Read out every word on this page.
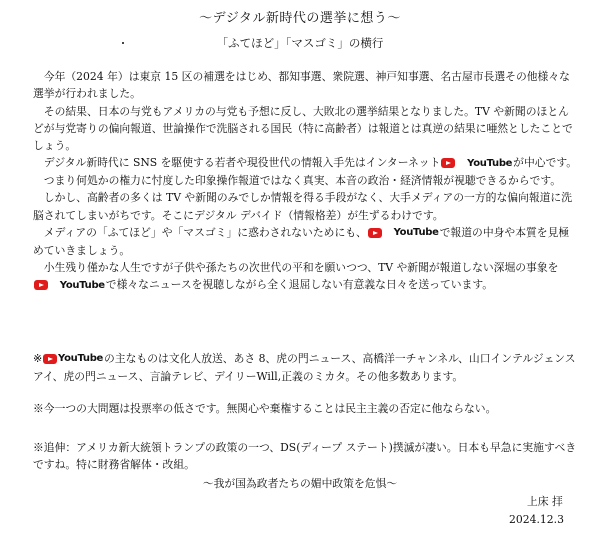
～デジタル新時代の選挙に想う～
「ふてほど」「マスゴミ」の横行

今年（2024 年）は東京 15 区の補選をはじめ、都知事選、衆院選、神戸知事選、名古屋市長選その他様々な選挙が行われました。

その結果、日本の与党もアメリカの与党も予想に反し、大敗北の選挙結果となりました。TV や新聞のほとんどが与党寄りの偏向報道、世論操作で洗脳される国民（特に高齢者）は報道とは真逆の結果に唖然としたことでしょう。

デジタル新時代に SNS を駆使する若者や現役世代の情報入手先はインターネット	YouTube が中心です。

つまり何処かの権力に忖度した印象操作報道ではなく真実、本音の政治・経済情報が視聴できるからです。

しかし、高齢者の多くは TV や新聞のみでしか情報を得る手段がなく、大手メディアの一方的な偏向報道に洗脳されてしまいがちです。そこにデジタル デバイド（情報格差）が生ずるわけです。

メディアの「ふてほど」や「マスゴミ」に惑わされないためにも、	YouTube で報道の中身や本質を見極めていきましょう。

小生残り僅かな人生ですが子供や孫たちの次世代の平和を願いつつ、TV や新聞が報道しない深堀の事象を
YouTube で様々なニュースを視聴しながら全く退屈しない有意義な日々を送っています。

※ YouTube の主なものは文化人放送、あさ 8、虎の門ニュース、高橋洋一チャンネル、山口インテルジェンスアイ、虎の門ニュース、言論テレビ、デイリーWill,正義のミカタ。その他多数あります。

※今一つの大問題は投票率の低さです。無関心や棄権することは民主主義の否定に他ならない。

※追伸：アメリカ新大統領トランプの政策の一つ、DS(ディープ ステート)撲滅が凄い。日本も早急に実施すべきですね。特に財務省解体・改組。

～我が国為政者たちの媚中政策を危惧～
上床 拝
2024.12.3
